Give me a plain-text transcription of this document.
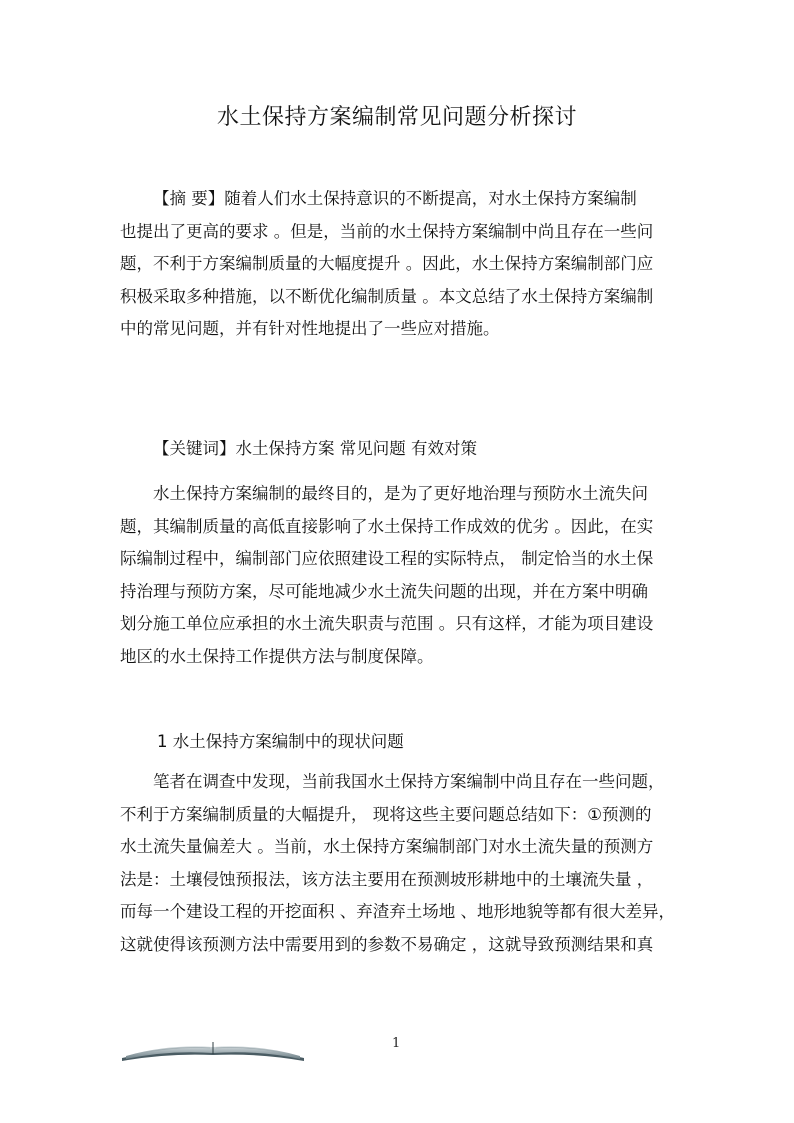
水土保持方案编制常见问题分析探讨
【摘 要】随着人们水土保持意识的不断提高，对水土保持方案编制
也提出了更高的要求 。但是，当前的水土保持方案编制中尚且存在一些问
题，不利于方案编制质量的大幅度提升 。因此，水土保持方案编制部门应
积极采取多种措施，以不断优化编制质量 。本文总结了水土保持方案编制
中的常见问题，并有针对性地提出了一些应对措施。
【关键词】水土保持方案 常见问题 有效对策
水土保持方案编制的最终目的，是为了更好地治理与预防水土流失问
题，其编制质量的高低直接影响了水土保持工作成效的优劣 。因此，在实
际编制过程中，编制部门应依照建设工程的实际特点， 制定恰当的水土保
持治理与预防方案，尽可能地减少水土流失问题的出现，并在方案中明确
划分施工单位应承担的水土流失职责与范围 。只有这样，才能为项目建设
地区的水土保持工作提供方法与制度保障。
1 水土保持方案编制中的现状问题
笔者在调查中发现，当前我国水土保持方案编制中尚且存在一些问题，
不利于方案编制质量的大幅提升， 现将这些主要问题总结如下：①预测的
水土流失量偏差大 。当前，水土保持方案编制部门对水土流失量的预测方
法是：土壤侵蚀预报法，该方法主要用在预测坡形耕地中的土壤流失量 ，
而每一个建设工程的开挖面积 、弃渣弃土场地 、地形地貌等都有很大差异，
这就使得该预测方法中需要用到的参数不易确定 ，这就导致预测结果和真
1
